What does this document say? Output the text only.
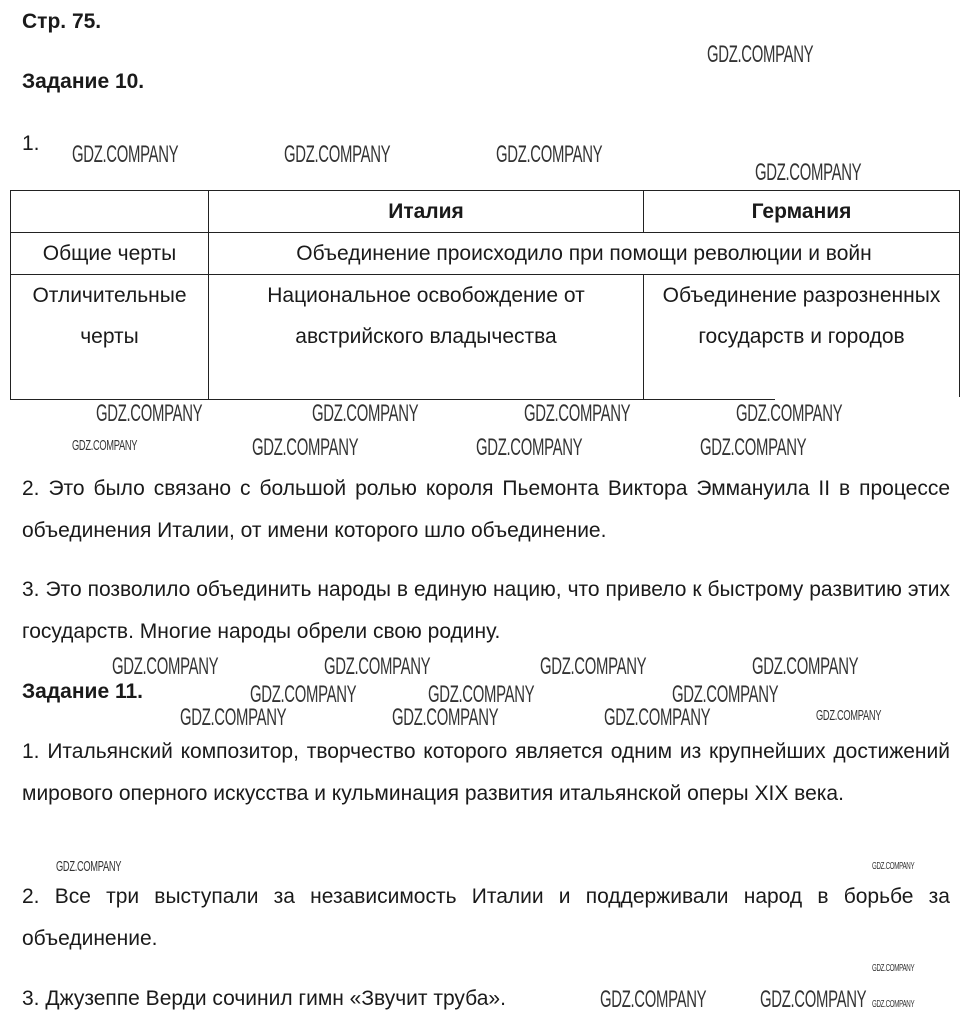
Стр. 75.
Задание 10.
1.
	Италия	Германия
Общие черты	Объединение происходило при помощи революции и войн	
Отличительные черты	Национальное освобождение от австрийского владычества	Объединение разрозненных государств и городов
2. Это было связано с большой ролью короля Пьемонта Виктора Эммануила II в процессе объединения Италии, от имени которого шло объединение.
3. Это позволило объединить народы в единую нацию, что привело к быстрому развитию этих государств. Многие народы обрели свою родину.
Задание 11.
1. Итальянский композитор, творчество которого является одним из крупнейших достижений мирового оперного искусства и кульминация развития итальянской оперы XIX века.
2. Все три выступали за независимость Италии и поддерживали народ в борьбе за объединение.
3. Джузеппе Верди сочинил гимн «Звучит труба».
GDZ.COMPANY
GDZ.COMPANY	GDZ.COMPANY	GDZ.COMPANY
GDZ.COMPANY
GDZ.COMPANY	GDZ.COMPANY	GDZ.COMPANY	GDZ.COMPANY
GDZ.COMPANY	GDZ.COMPANY	GDZ.COMPANY	GDZ.COMPANY
GDZ.COMPANY	GDZ.COMPANY	GDZ.COMPANY	GDZ.COMPANY
GDZ.COMPANY	GDZ.COMPANY	GDZ.COMPANY
GDZ.COMPANY	GDZ.COMPANY	GDZ.COMPANY	GDZ.COMPANY
GDZ.COMPANY	GDZ.COMPANY
GDZ.COMPANY
GDZ.COMPANY GDZ.COMPANY GDZ.COMPANY
